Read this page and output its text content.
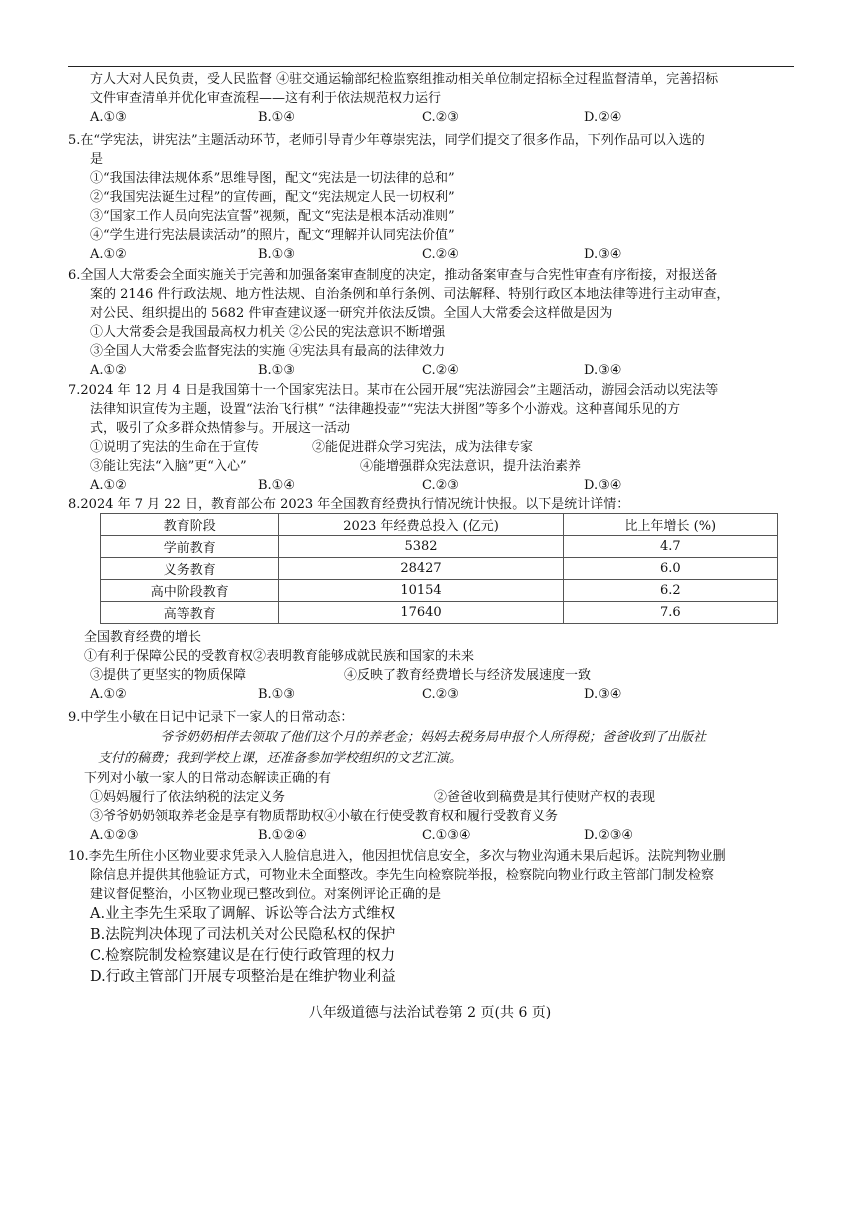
方人大对人民负责，受人民监督 ④驻交通运输部纪检监察组推动相关单位制定招标全过程监督清单，完善招标
文件审查清单并优化审查流程——这有利于依法规范权力运行
A.①③	B.①④	C.②③	D.②④
5.在“学宪法，讲宪法”主题活动环节，老师引导青少年尊崇宪法，同学们提交了很多作品，下列作品可以入选的
是
①“我国法律法规体系”思维导图，配文“宪法是一切法律的总和”
②“我国宪法诞生过程”的宣传画，配文“宪法规定人民一切权利”
③“国家工作人员向宪法宣誓”视频，配文“宪法是根本活动准则”
④“学生进行宪法晨读活动”的照片，配文“理解并认同宪法价值”
A.①②	B.①③	C.②④	D.③④
6.全国人大常委会全面实施关于完善和加强备案审查制度的决定，推动备案审查与合宪性审查有序衔接，对报送备
案的 2146 件行政法规、地方性法规、自治条例和单行条例、司法解释、特别行政区本地法律等进行主动审查，
对公民、组织提出的 5682 件审查建议逐一研究并依法反馈。全国人大常委会这样做是因为
①人大常委会是我国最高权力机关 ②公民的宪法意识不断增强
③全国人大常委会监督宪法的实施 ④宪法具有最高的法律效力
A.①②	B.①③	C.②④	D.③④
7.2024 年 12 月 4 日是我国第十一个国家宪法日。某市在公园开展“宪法游园会”主题活动，游园会活动以宪法等
法律知识宣传为主题，设置“法治飞行棋” “法律趣投壶”“宪法大拼图”等多个小游戏。这种喜闻乐见的方
式，吸引了众多群众热情参与。开展这一活动
①说明了宪法的生命在于宣传	②能促进群众学习宪法，成为法律专家
③能让宪法“入脑”更“入心”	④能增强群众宪法意识，提升法治素养
A.①②	B.①④	C.②③	D.③④
8.2024 年 7 月 22 日，教育部公布 2023 年全国教育经费执行情况统计快报。以下是统计详情：
教育阶段	2023 年经费总投入 (亿元)	比上年增长 (%)
学前教育	5382	4.7
义务教育	28427	6.0
高中阶段教育	10154	6.2
高等教育	17640	7.6
全国教育经费的增长
①有利于保障公民的受教育权②表明教育能够成就民族和国家的未来
③提供了更坚实的物质保障	④反映了教育经费增长与经济发展速度一致
A.①②	B.①③	C.②③	D.③④
9.中学生小敏在日记中记录下一家人的日常动态：
爷爷奶奶相伴去领取了他们这个月的养老金；妈妈去税务局申报个人所得税；爸爸收到了出版社
支付的稿费；我到学校上课，还准备参加学校组织的文艺汇演。
下列对小敏一家人的日常动态解读正确的有
①妈妈履行了依法纳税的法定义务	②爸爸收到稿费是其行使财产权的表现
③爷爷奶奶领取养老金是享有物质帮助权④小敏在行使受教育权和履行受教育义务
A.①②③	B.①②④	C.①③④	D.②③④
10.李先生所住小区物业要求凭录入人脸信息进入，他因担忧信息安全，多次与物业沟通未果后起诉。法院判物业删
除信息并提供其他验证方式，可物业未全面整改。李先生向检察院举报，检察院向物业行政主管部门制发检察
建议督促整治，小区物业现已整改到位。对案例评论正确的是
A.业主李先生采取了调解、诉讼等合法方式维权
B.法院判决体现了司法机关对公民隐私权的保护
C.检察院制发检察建议是在行使行政管理的权力
D.行政主管部门开展专项整治是在维护物业利益
八年级道德与法治试卷第 2 页(共 6 页)
